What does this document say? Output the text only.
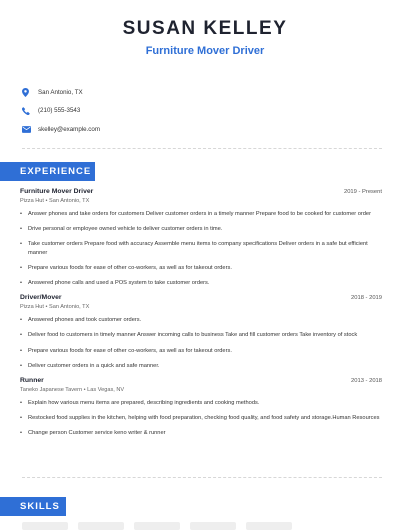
SUSAN KELLEY
Furniture Mover Driver
San Antonio, TX
(210) 555-3543
skelley@example.com
EXPERIENCE
Furniture Mover Driver	2019 - Present
Pizza Hut • San Antonio, TX
• Answer phones and take orders for customers Deliver customer orders in a timely manner Prepare food to be cooked for customer order
• Drive personal or employee owned vehicle to deliver customer orders in time.
• Take customer orders Prepare food with accuracy Assemble menu items to company specifications Deliver orders in a safe but efficient manner
• Prepare various foods for ease of other co-workers, as well as for takeout orders.
• Answered phone calls and used a POS system to take customer orders.
Driver/Mover	2018 - 2019
Pizza Hut • San Antonio, TX
• Answered phones and took customer orders.
• Deliver food to customers in timely manner Answer incoming calls to business Take and fill customer orders Take inventory of stock
• Prepare various foods for ease of other co-workers, as well as for takeout orders.
• Deliver customer orders in a quick and safe manner.
Runner	2013 - 2018
Taneko Japanese Tavern • Las Vegas, NV
• Explain how various menu items are prepared, describing ingredients and cooking methods.
• Restocked food supplies in the kitchen, helping with food preparation, checking food quality, and food safety and storage.Human Resources
• Change person Customer service keno writer & runner
SKILLS
